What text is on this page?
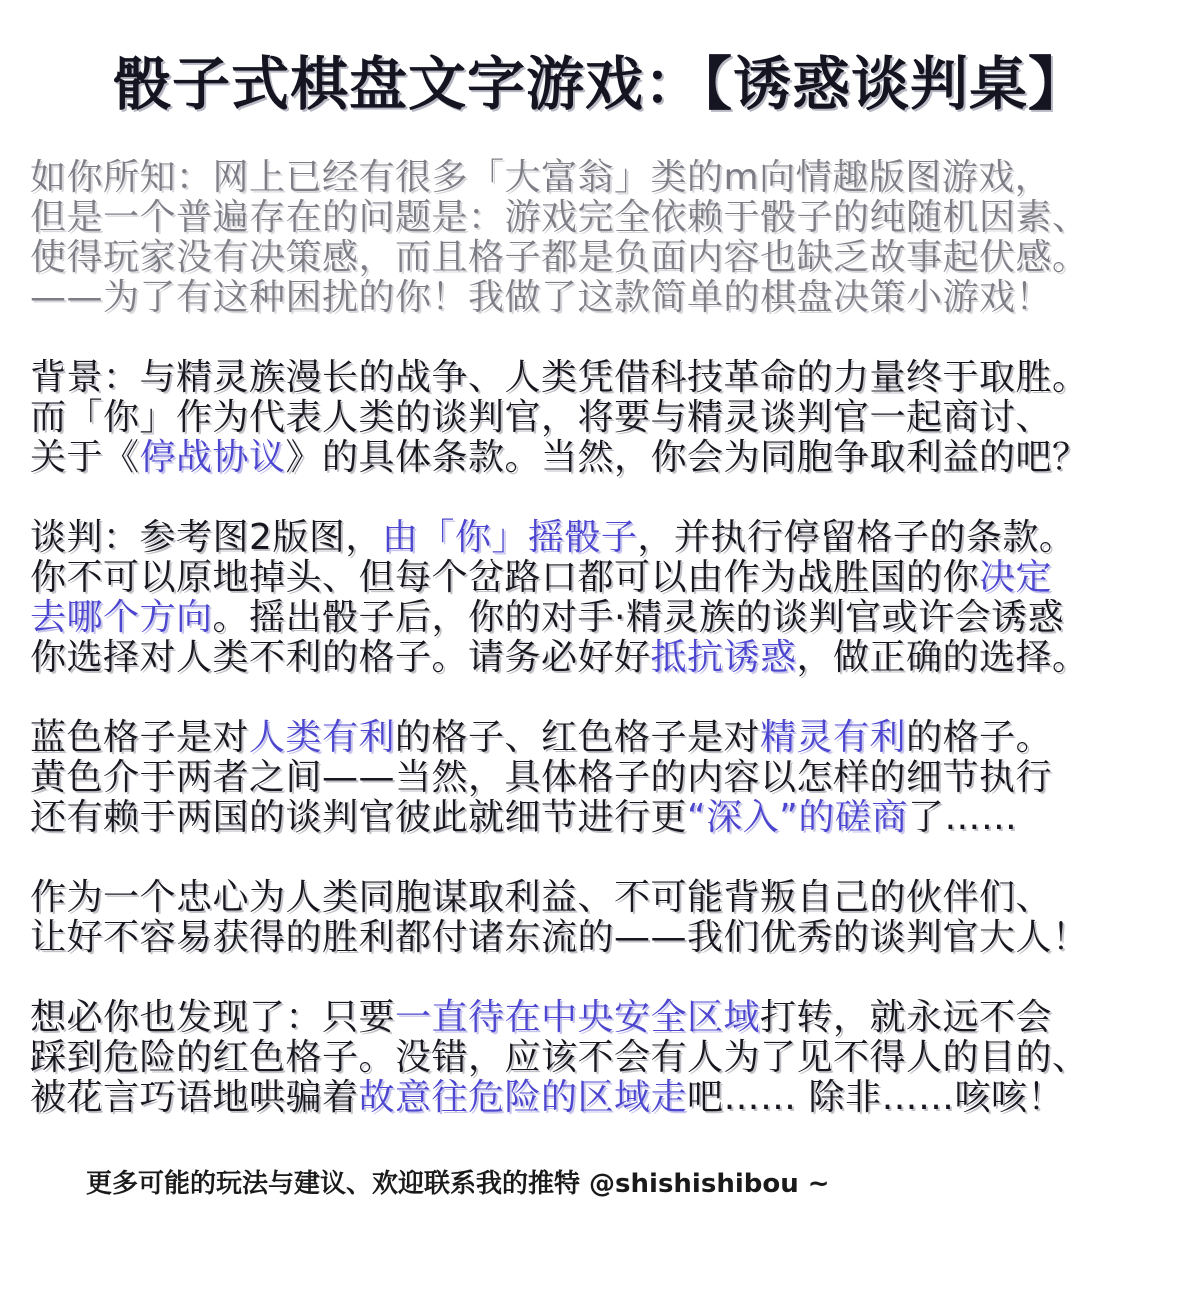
骰子式棋盘文字游戏：【诱惑谈判桌】

如你所知：网上已经有很多「大富翁」类的m向情趣版图游戏，
但是一个普遍存在的问题是：游戏完全依赖于骰子的纯随机因素、
使得玩家没有决策感，而且格子都是负面内容也缺乏故事起伏感。
——为了有这种困扰的你！我做了这款简单的棋盘决策小游戏！

背景：与精灵族漫长的战争、人类凭借科技革命的力量终于取胜。
而「你」作为代表人类的谈判官，将要与精灵谈判官一起商讨、
关于《停战协议》的具体条款。当然，你会为同胞争取利益的吧？

谈判：参考图2版图，由「你」摇骰子，并执行停留格子的条款。
你不可以原地掉头、但每个岔路口都可以由作为战胜国的你决定
去哪个方向。摇出骰子后，你的对手·精灵族的谈判官或许会诱惑
你选择对人类不利的格子。请务必好好抵抗诱惑，做正确的选择。

蓝色格子是对人类有利的格子、红色格子是对精灵有利的格子。
黄色介于两者之间——当然，具体格子的内容以怎样的细节执行
还有赖于两国的谈判官彼此就细节进行更“深入”的磋商了……

作为一个忠心为人类同胞谋取利益、不可能背叛自己的伙伴们、
让好不容易获得的胜利都付诸东流的——我们优秀的谈判官大人！

想必你也发现了：只要一直待在中央安全区域打转，就永远不会
踩到危险的红色格子。没错，应该不会有人为了见不得人的目的、
被花言巧语地哄骗着故意往危险的区域走吧…… 除非……咳咳！

更多可能的玩法与建议、欢迎联系我的推特 @shishishibou ~
